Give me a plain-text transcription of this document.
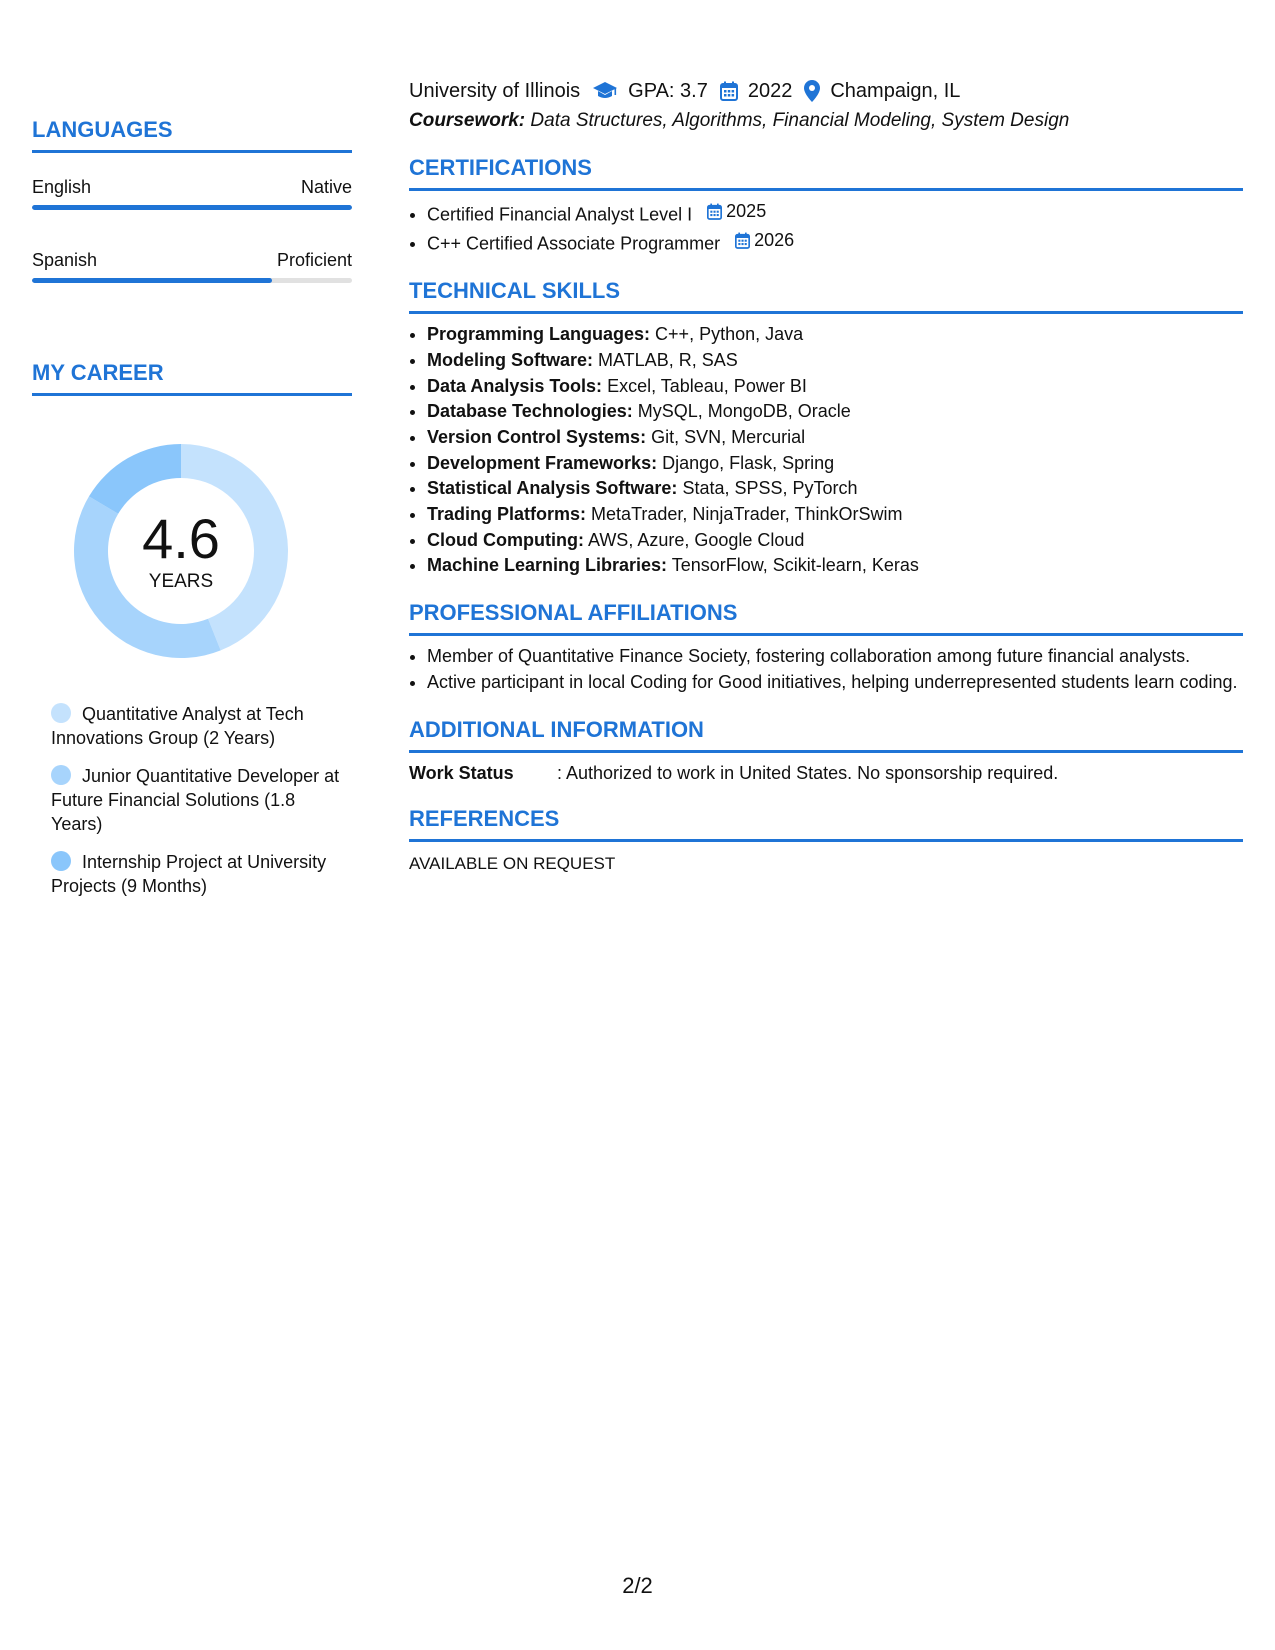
LANGUAGES
English	Native
Spanish	Proficient
MY CAREER
4.6
YEARS
Quantitative Analyst at Tech Innovations Group (2 Years)
Junior Quantitative Developer at Future Financial Solutions (1.8 Years)
Internship Project at University Projects (9 Months)
University of Illinois GPA: 3.7 2022 Champaign, IL
Coursework: Data Structures, Algorithms, Financial Modeling, System Design
CERTIFICATIONS
• Certified Financial Analyst Level I 2025
• C++ Certified Associate Programmer 2026
TECHNICAL SKILLS
• Programming Languages: C++, Python, Java
• Modeling Software: MATLAB, R, SAS
• Data Analysis Tools: Excel, Tableau, Power BI
• Database Technologies: MySQL, MongoDB, Oracle
• Version Control Systems: Git, SVN, Mercurial
• Development Frameworks: Django, Flask, Spring
• Statistical Analysis Software: Stata, SPSS, PyTorch
• Trading Platforms: MetaTrader, NinjaTrader, ThinkOrSwim
• Cloud Computing: AWS, Azure, Google Cloud
• Machine Learning Libraries: TensorFlow, Scikit-learn, Keras
PROFESSIONAL AFFILIATIONS
• Member of Quantitative Finance Society, fostering collaboration among future financial analysts.
• Active participant in local Coding for Good initiatives, helping underrepresented students learn coding.
ADDITIONAL INFORMATION
Work Status	: Authorized to work in United States. No sponsorship required.
REFERENCES
AVAILABLE ON REQUEST
2/2
